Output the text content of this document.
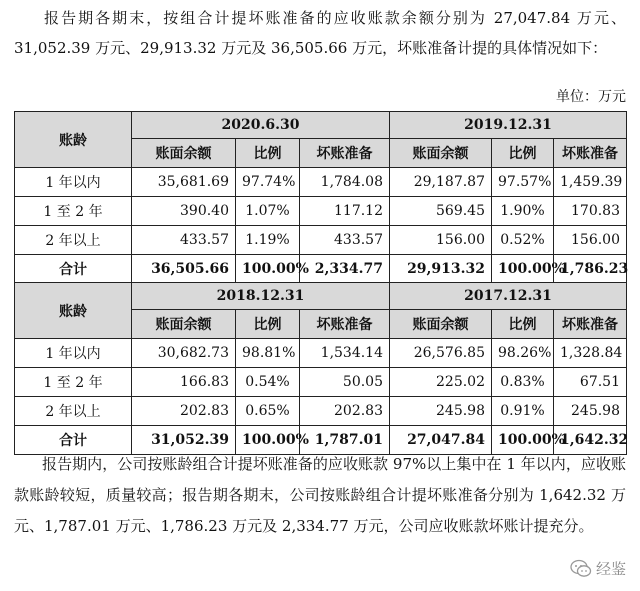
报告期各期末，按组合计提坏账准备的应收账款余额分别为 27,047.84 万元、31,052.39 万元、29,913.32 万元及 36,505.66 万元，坏账准备计提的具体情况如下：

单位：万元
账龄	2020.6.30			2019.12.31		
	账面余额	比例	坏账准备	账面余额	比例	坏账准备
1 年以内	35,681.69	97.74%	1,784.08	29,187.87	97.57%	1,459.39
1 至 2 年	390.40	1.07%	117.12	569.45	1.90%	170.83
2 年以上	433.57	1.19%	433.57	156.00	0.52%	156.00
合计	36,505.66	100.00%	2,334.77	29,913.32	100.00%	1,786.23
账龄	2018.12.31			2017.12.31		
	账面余额	比例	坏账准备	账面余额	比例	坏账准备
1 年以内	30,682.73	98.81%	1,534.14	26,576.85	98.26%	1,328.84
1 至 2 年	166.83	0.54%	50.05	225.02	0.83%	67.51
2 年以上	202.83	0.65%	202.83	245.98	0.91%	245.98
合计	31,052.39	100.00%	1,787.01	27,047.84	100.00%	1,642.32

报告期内，公司按账龄组合计提坏账准备的应收账款 97%以上集中在 1 年以内，应收账款账龄较短，质量较高；报告期各期末，公司按账龄组合计提坏账准备分别为 1,642.32 万元、1,787.01 万元、1,786.23 万元及 2,334.77 万元，公司应收账款坏账计提充分。

经鉴
